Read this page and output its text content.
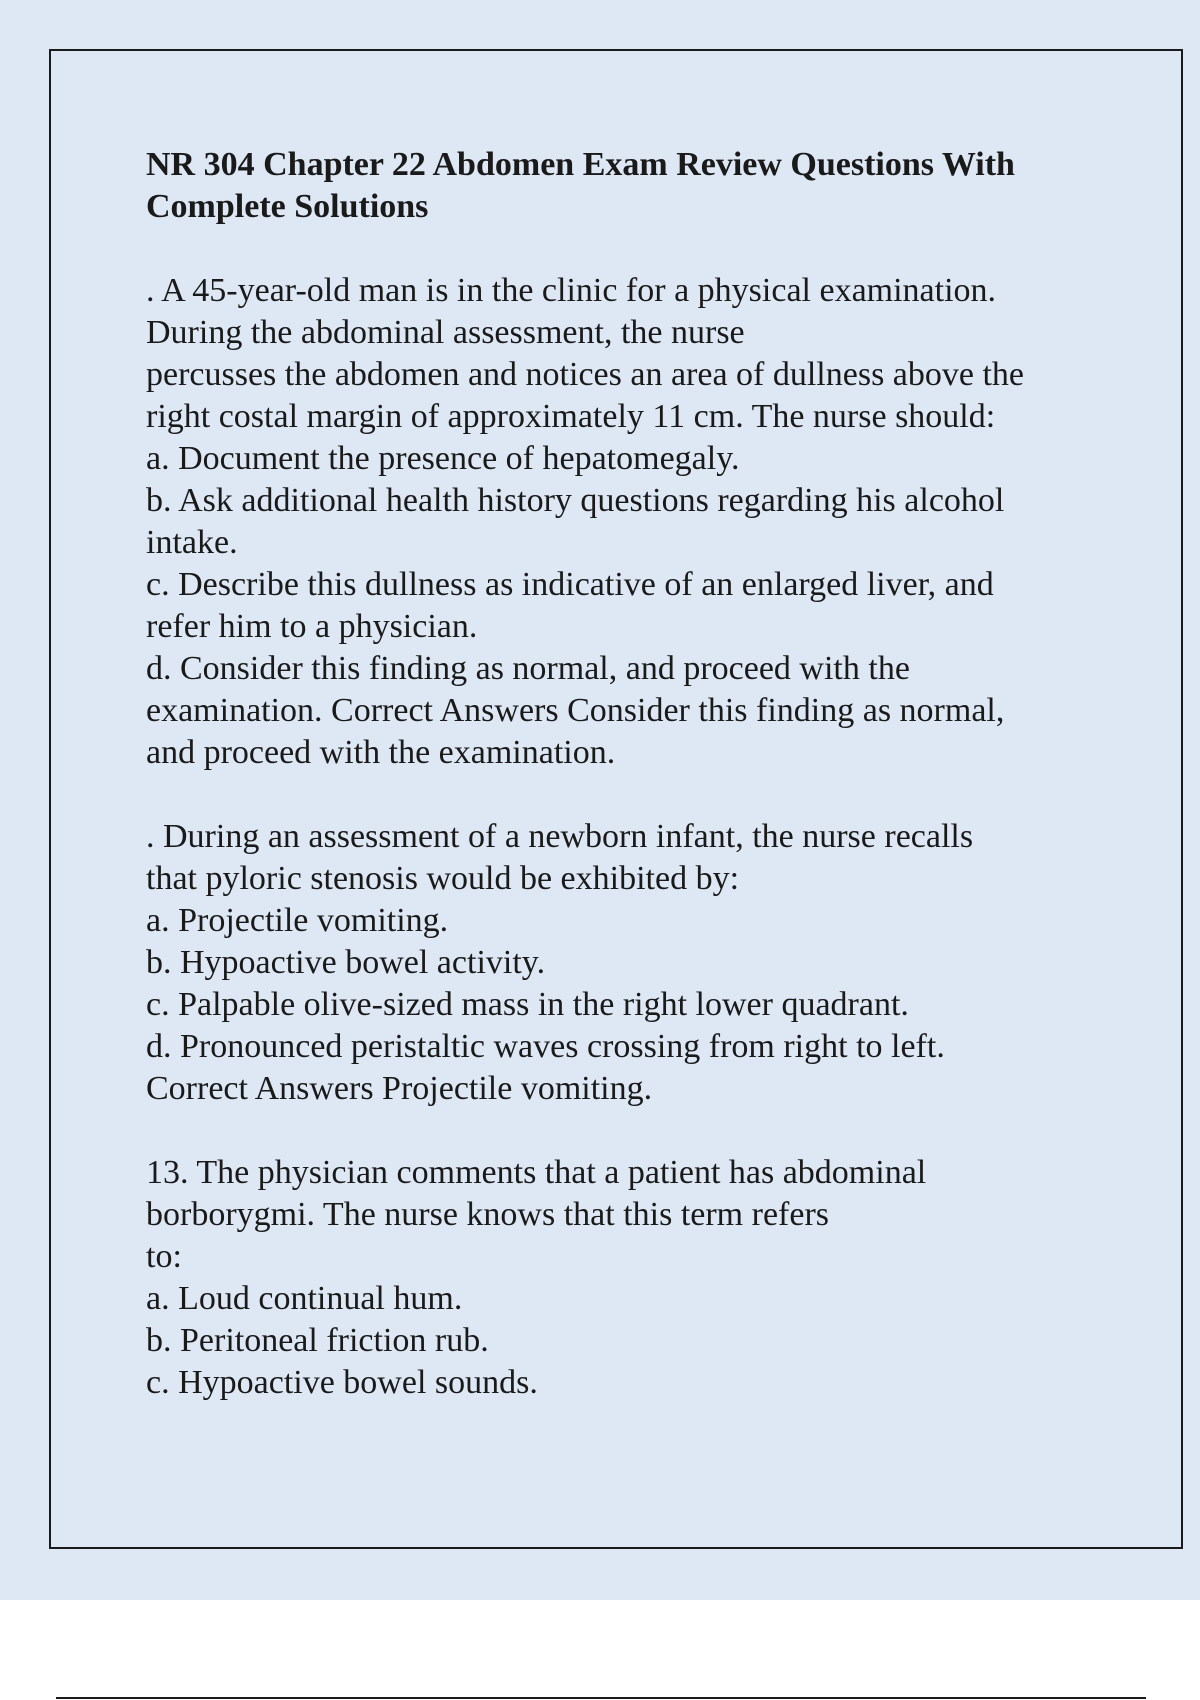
NR 304 Chapter 22 Abdomen Exam Review Questions With
Complete Solutions
. A 45-year-old man is in the clinic for a physical examination.
During the abdominal assessment, the nurse
percusses the abdomen and notices an area of dullness above the
right costal margin of approximately 11 cm. The nurse should:
a. Document the presence of hepatomegaly.
b. Ask additional health history questions regarding his alcohol
intake.
c. Describe this dullness as indicative of an enlarged liver, and
refer him to a physician.
d. Consider this finding as normal, and proceed with the
examination. Correct Answers Consider this finding as normal,
and proceed with the examination.
. During an assessment of a newborn infant, the nurse recalls
that pyloric stenosis would be exhibited by:
a. Projectile vomiting.
b. Hypoactive bowel activity.
c. Palpable olive-sized mass in the right lower quadrant.
d. Pronounced peristaltic waves crossing from right to left.
Correct Answers Projectile vomiting.
13. The physician comments that a patient has abdominal
borborygmi. The nurse knows that this term refers
to:
a. Loud continual hum.
b. Peritoneal friction rub.
c. Hypoactive bowel sounds.
